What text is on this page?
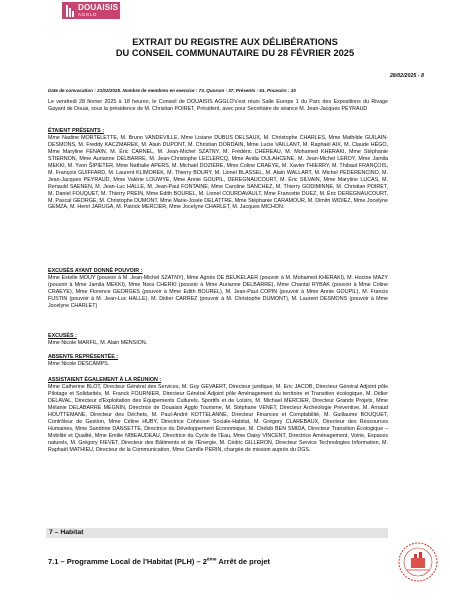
DOUAISIS
AGGLO
EXTRAIT DU REGISTRE AUX DÉLIBÉRATIONS
DU CONSEIL COMMUNAUTAIRE DU 28 FÉVRIER 2025
28/02/2025 - 8
Date de convocation : 21/02/2025. Nombre de membres en exercice : 73. Quorum : 37. Présents : 61. Pouvoirs : 10
Le vendredi 28 février 2025 à 18 heures, le Conseil de DOUAISIS AGGLO's'est réuni Salle Europe 1 du Parc des Expositions du Rivage Gayant de Douai, sous la présidence de M. Christian POIRET, Président, avec pour Secrétaire de séance M. Jean-Jacques PEYRAUD
ÉTAIENT PRÉSENTS :
Mme Nadine MORTELETTE, M. Bruno VANDEVILLE, Mme Lisiane DUBUS DELSAUX, M. Christophe CHARLES, Mme Mathilde GUILAIN-DESMONS, M. Freddy KACZMAREK, M. Alain DUPONT, M. Christian DORDAIN, Mme Lucie VAILLANT, M. Raphaël AIX, M. Claude HÉGO, Mme Maryline FENAIN, M. Éric CARNEL, M. Jean-Michel SZATNY, M. Frédéric CHÉREAU, M. Mohamed KHERAKI, Mme Stéphanie STIERNON, Mme Aurianne DELBARRE, M. Jean-Christophe LECLERCQ, Mme Avida OULAHCENE, M. Jean-Michel LEROY, Mme Jamila MEKKI, M. Yvon ŠIPIETER, Mme Nathalie APERS, M. Michaël DOZIÈRE, Mme Coline CRAEYE, M. Xavier THIERRY, M. Thibaut FRANÇOIS, M. François GUIFFARD, M. Laurent KLIMOREK, M. Thierry BOURY, M. Lionel BLASSEL, M. Alain WALLART, M. Michel PEDERENCINO, M. Jean-Jacques PEYRAUD, Mme Valérie LOUWYE, Mme Annie GOUPIL, DEREGNAUCOURT, M. Éric SILVAIN, Mme Maryline LUCAS, M. Renauld SAENEN, M. Jean-Luc HALLE, M. Jean-Paul FONTAINE, Mme Caroline SANCHEZ, M. Thierry GODIMINNE, M. Christian POIRET, M. Daniel FOUQUET, M. Thierry PREIN, Mme Edith BOUREL, M. Lionel COURDAVAULT, Mme Francette DUEZ, M. Éric DEREGNAUCOURT, M. Pascal GEORGE, M. Christophe DUMONT, Mme Marie-Josée DELATTRE, Mme Stéphanie CARAMOUR, M. Dimitri WIDIEZ, Mme Jocelyne GEMZA, M. Henri JARUGA, M. Patrick MERCIER, Mme Jocelyne CHARLET, M. Jacques MICHON.
EXCUSÉS AYANT DONNÉ POUVOIR :
Mme Estelle MOUY (pouvoir à M. Jean-Michel SZATNY), Mme Agnès DE BEUKELAER (pouvoir à M. Mohamed KHERAKI), M. Hocine MAZY (pouvoir à Mme Jamila MEKKI), Mme Nora CHERKI (pouvoir à Mme Aurianne DELBARRE), Mme Chantal RYBAK (pouvoir à Mme Coline CRAEYE), Mme Florence GEORGES (pouvoir à Mme Edith BOUREL), M. Jean-Paul COPIN (pouvoir à Mme Annie GOUPIL), M. Francis FUSTIN (pouvoir à M. Jean-Luc HALLE), M. Didier CARREZ (pouvoir à M. Christophe DUMONT), M. Laurent DESMONS (pouvoir à Mme Jocelyne CHARLET)
EXCUSÉS :
Mme Nicole MARFIL, M. Alain MENSION.
ABSENTE REPRÉSENTÉE :
Mme Nicole DESCAMPS.
ASSISTAIENT ÉGALEMENT À LA RÉUNION :
Mme Catherine BLOT, Directeur Général des Services, M. Guy GEVAERT, Directeur juridique, M. Eric JACOB, Directeur Général Adjoint pôle Pilotage et Solidarités, M. Franck FOURNIER, Directeur Général Adjoint pôle Aménagement du territoire et Transition écologique, M. Didier DELAVAL, Directeur d'Exploitation des Équipements Culturels, Sportifs et de Loisirs, M. Michael MERCIER, Directeur Grands Projets, Mme Mélanie DELABARRE MEGNIN, Directrice de Douaisis Agglo Tourisme, M. Stéphane VENET, Directeur Archéologie Préventive, M. Arnaud HOUTTEMANE, Directeur des Déchets, M. Paul-André KOTTELANNE, Directeur Finances et Comptabilité, M. Guillaume BOUQUET, Contrôleur de Gestion, Mme Céline HUBY, Directrice Cohésion Sociale-Habitat, M. Grégory CLAREBAUX, Directeur des Ressources Humaines, Mme Sandrine DANSETTE, Directrice du Développement Économique, M. Chékib BEN SMIDA, Directeur Transition Écologique – Mobilité et Qualité, Mme Emilie NIBEAUDEAU, Directrice du Cycle de l'Eau, Mme Daisy VINCENT, Directrice Aménagement, Voirie, Espaces naturels, M. Grégory FIEVET, Directeur des Bâtiments et de l'Énergie, M. Cédric GILLERON, Directeur Service Technologies Information, M. Raphaël MATHIEU, Directeur de la Communication, Mme Camille PERIN, chargée de mission auprès du DGS.
7 – Habitat
7.1 – Programme Local de l'Habitat (PLH) – 2ème Arrêt de projet
